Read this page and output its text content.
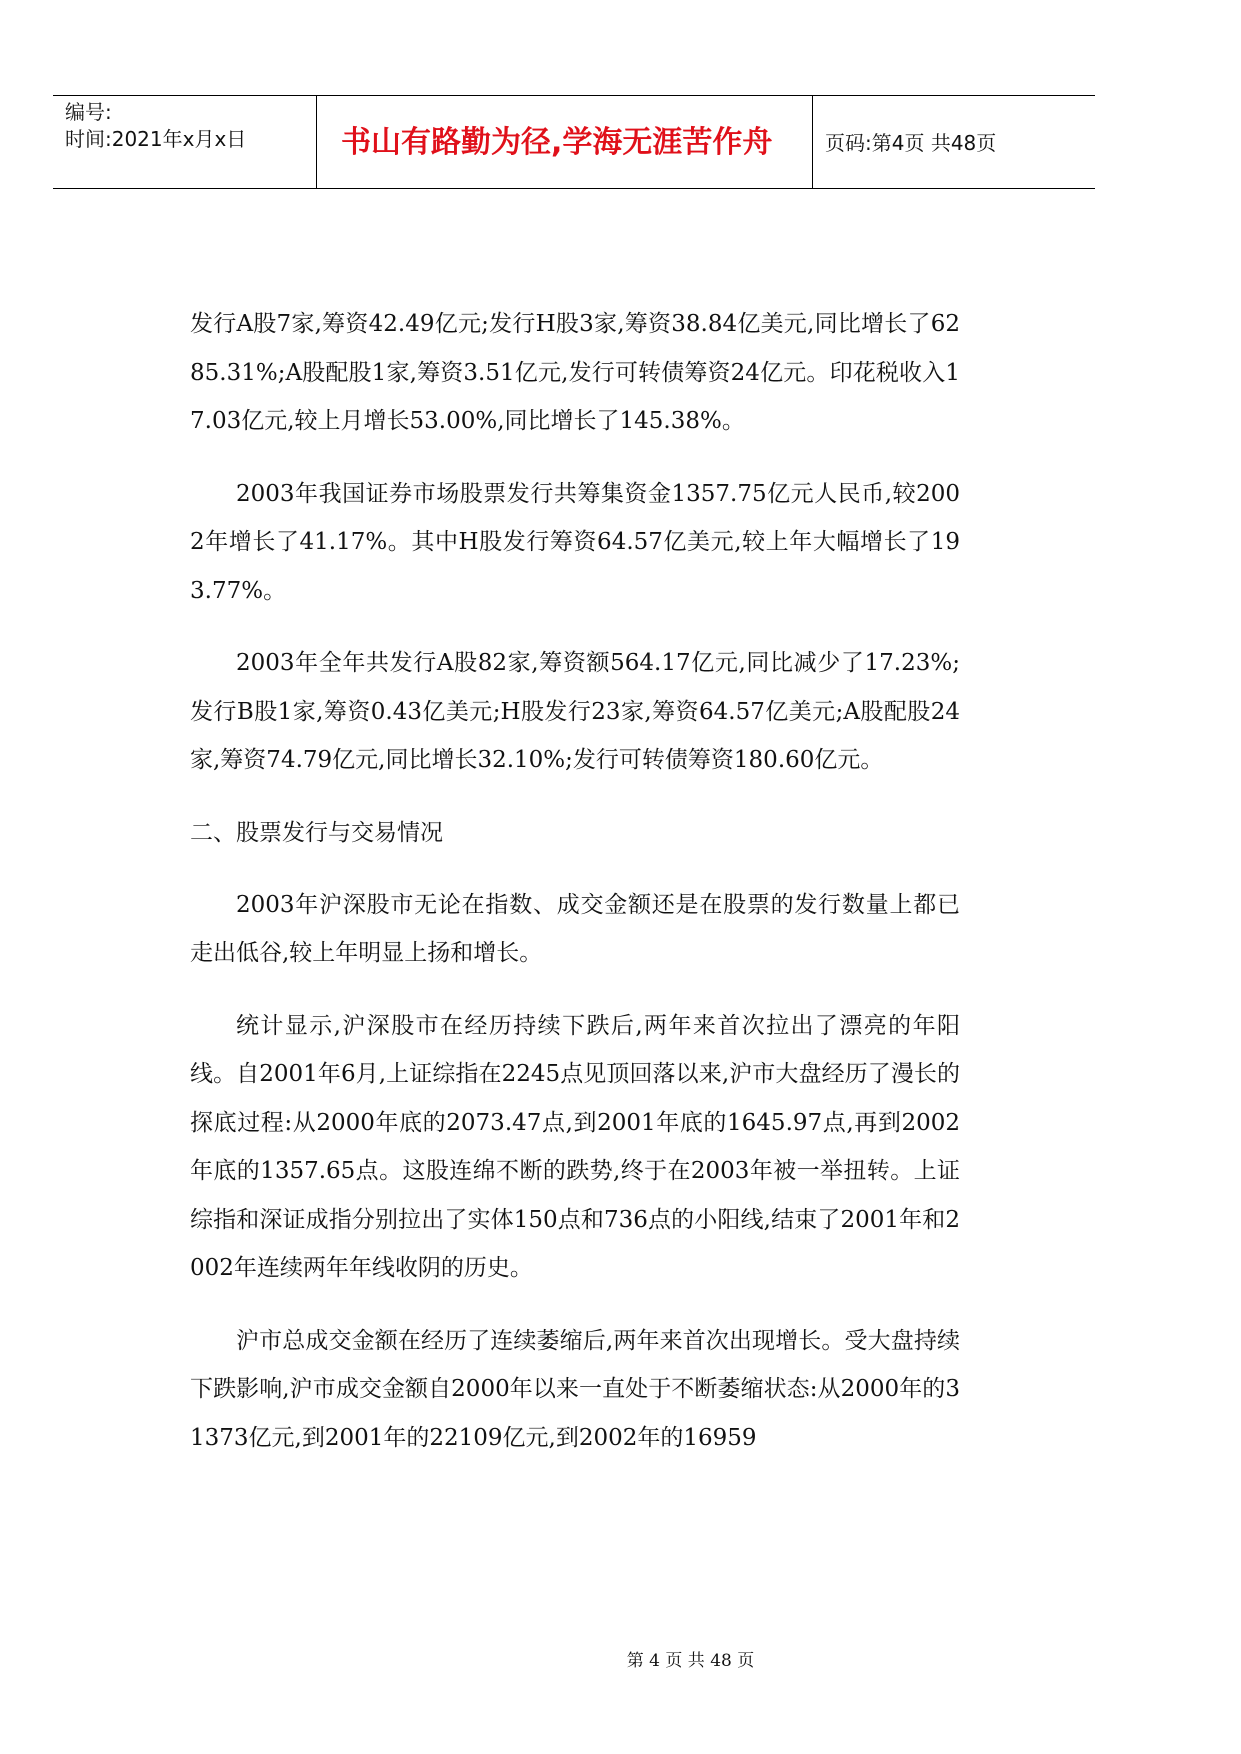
编号:
时间:2021年x月x日	书山有路勤为径,学海无涯苦作舟	页码:第4页 共48页

发行A股7家,筹资42.49亿元;发行H股3家,筹资38.84亿美元,同比增长了6285.31%;A股配股1家,筹资3.51亿元,发行可转债筹资24亿元。印花税收入17.03亿元,较上月增长53.00%,同比增长了145.38%。

2003年我国证券市场股票发行共筹集资金1357.75亿元人民币,较2002年增长了41.17%。其中H股发行筹资64.57亿美元,较上年大幅增长了193.77%。

2003年全年共发行A股82家,筹资额564.17亿元,同比减少了17.23%;发行B股1家,筹资0.43亿美元;H股发行23家,筹资64.57亿美元;A股配股24家,筹资74.79亿元,同比增长32.10%;发行可转债筹资180.60亿元。

二、股票发行与交易情况

2003年沪深股市无论在指数、成交金额还是在股票的发行数量上都已走出低谷,较上年明显上扬和增长。

统计显示,沪深股市在经历持续下跌后,两年来首次拉出了漂亮的年阳线。自2001年6月,上证综指在2245点见顶回落以来,沪市大盘经历了漫长的探底过程:从2000年底的2073.47点,到2001年底的1645.97点,再到2002年底的1357.65点。这股连绵不断的跌势,终于在2003年被一举扭转。上证综指和深证成指分别拉出了实体150点和736点的小阳线,结束了2001年和2002年连续两年年线收阴的历史。

沪市总成交金额在经历了连续萎缩后,两年来首次出现增长。受大盘持续下跌影响,沪市成交金额自2000年以来一直处于不断萎缩状态:从2000年的31373亿元,到2001年的22109亿元,到2002年的16959

第 4 页 共 48 页
